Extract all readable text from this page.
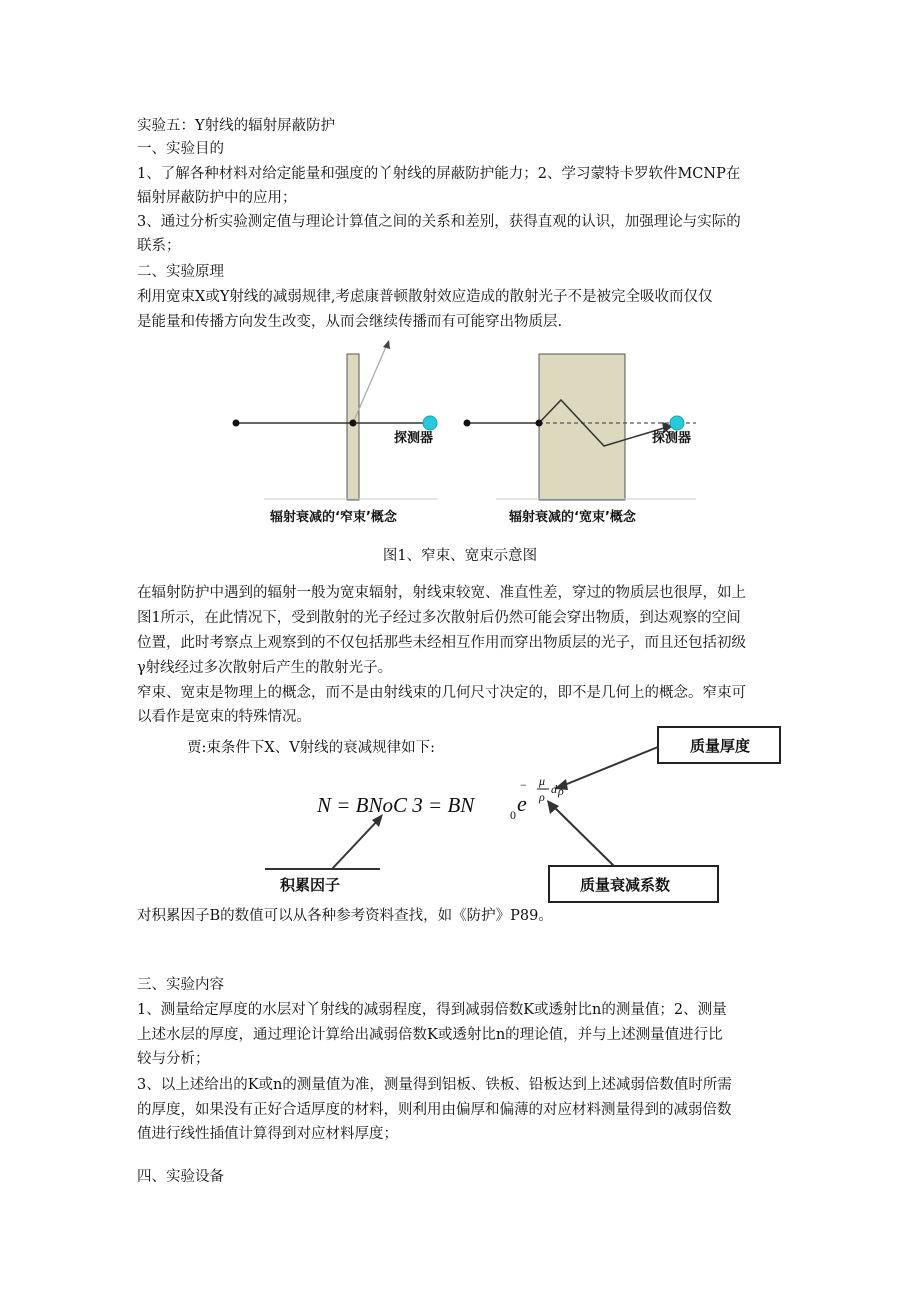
实验五：Y射线的辐射屏蔽防护
一、实验目的
1、了解各种材料对给定能量和强度的丫射线的屏蔽防护能力；2、学习蒙特卡罗软件MCNP在
辐射屏蔽防护中的应用；
3、通过分析实验测定值与理论计算值之间的关系和差别，获得直观的认识，加强理论与实际的
联系；
二、实验原理
利用宽束X或Y射线的减弱规律,考虑康普顿散射效应造成的散射光子不是被完全吸收而仅仅
是能量和传播方向发生改变，从而会继续传播而有可能穿出物质层.
探测器
辐射衰减的‘窄束’概念
探测器
辐射衰减的‘宽束’概念
图1、窄束、宽束示意图
在辐射防护中遇到的辐射一般为宽束辐射，射线束较宽、准直性差，穿过的物质层也很厚，如上
图1所示，在此情况下，受到散射的光子经过多次散射后仍然可能会穿出物质，到达观察的空间
位置，此时考察点上观察到的不仅包括那些未经相互作用而穿出物质层的光子，而且还包括初级
γ射线经过多次散射后产生的散射光子。
窄束、宽束是物理上的概念，而不是由射线束的几何尺寸决定的，即不是几何上的概念。窄束可
以看作是宽束的特殊情况。
贾:束条件下X、V射线的衰减规律如下:	质量厚度
N = BNoC 3 = BN
− μ
ρ
d ρ
e
0
质量衰减系数
积累因子
对积累因子B的数值可以从各种参考资料查找，如《防护》P89。
三、实验内容
1、测量给定厚度的水层对丫射线的减弱程度，得到减弱倍数K或透射比n的测量值；2、测量
上述水层的厚度，通过理论计算给出减弱倍数K或透射比n的理论值，并与上述测量值进行比
较与分析；
3、以上述给出的K或n的测量值为准，测量得到铝板、铁板、铅板达到上述减弱倍数值时所需
的厚度，如果没有正好合适厚度的材料，则利用由偏厚和偏薄的对应材料测量得到的减弱倍数
值进行线性插值计算得到对应材料厚度；
四、实验设备
